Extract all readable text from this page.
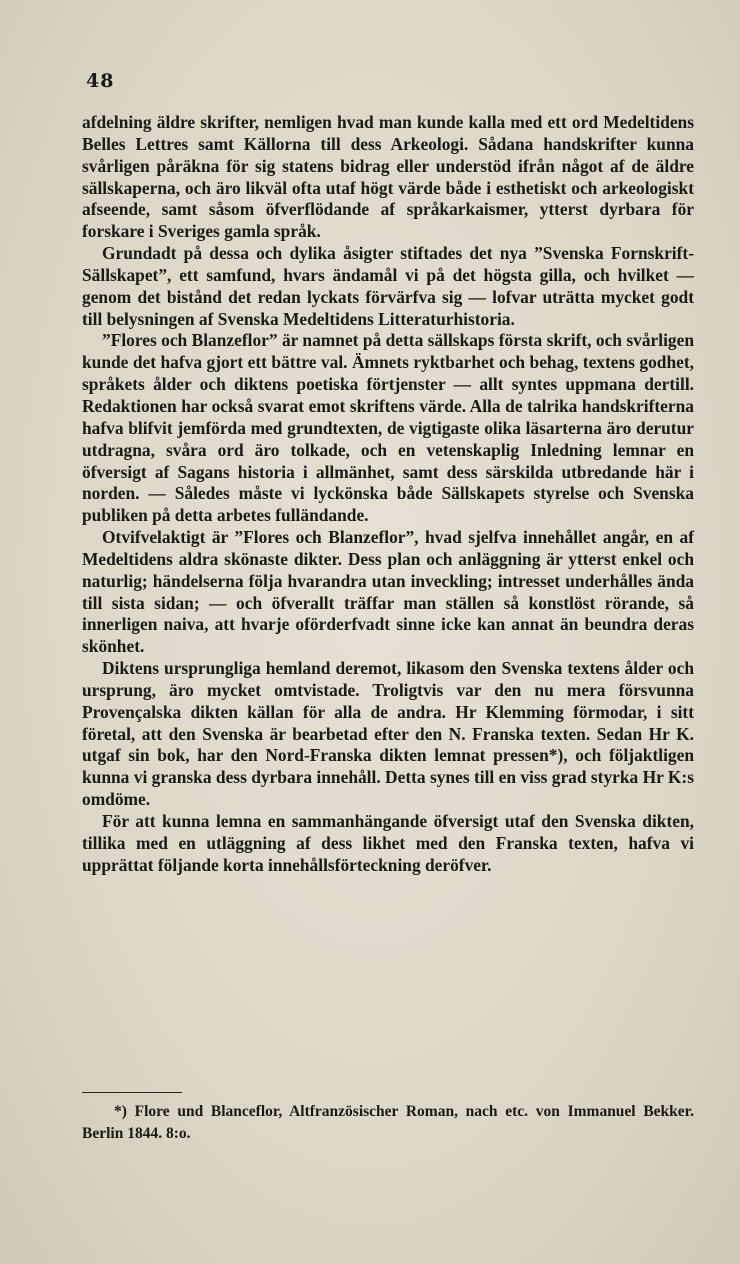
48

afdelning äldre skrifter, nemligen hvad man kunde kalla med ett ord Medeltidens Belles Lettres samt Källorna till dess Arkeologi. Sådana handskrifter kunna svårligen påräkna för sig statens bidrag eller understöd ifrån något af de äldre sällskaperna, och äro likväl ofta utaf högt värde både i esthetiskt och arkeologiskt afseende, samt såsom öfverflödande af språkarkaismer, ytterst dyrbara för forskare i Sveriges gamla språk.

Grundadt på dessa och dylika åsigter stiftades det nya ”Svenska Fornskrift-Sällskapet”, ett samfund, hvars ändamål vi på det högsta gilla, och hvilket — genom det bistånd det redan lyckats förvärfva sig — lofvar uträtta mycket godt till belysningen af Svenska Medeltidens Litteraturhistoria.

”Flores och Blanzeflor” är namnet på detta sällskaps första skrift, och svårligen kunde det hafva gjort ett bättre val. Ämnets ryktbarhet och behag, textens godhet, språkets ålder och diktens poetiska förtjenster — allt syntes uppmana dertill. Redaktionen har också svarat emot skriftens värde. Alla de talrika handskrifterna hafva blifvit jemförda med grundtexten, de vigtigaste olika läsarterna äro derutur utdragna, svåra ord äro tolkade, och en vetenskaplig Inledning lemnar en öfversigt af Sagans historia i allmänhet, samt dess särskilda utbredande här i norden. — Således måste vi lyckönska både Sällskapets styrelse och Svenska publiken på detta arbetes fulländande.

Otvifvelaktigt är ”Flores och Blanzeflor”, hvad sjelfva innehållet angår, en af Medeltidens aldra skönaste dikter. Dess plan och anläggning är ytterst enkel och naturlig; händelserna följa hvarandra utan inveckling; intresset underhålles ända till sista sidan; — och öfverallt träffar man ställen så konstlöst rörande, så innerligen naiva, att hvarje oförderfvadt sinne icke kan annat än beundra deras skönhet.

Diktens ursprungliga hemland deremot, likasom den Svenska textens ålder och ursprung, äro mycket omtvistade. Troligtvis var den nu mera försvunna Provençalska dikten källan för alla de andra. Hr Klemming förmodar, i sitt företal, att den Svenska är bearbetad efter den N. Franska texten. Sedan Hr K. utgaf sin bok, har den Nord-Franska dikten lemnat pressen*), och följaktligen kunna vi granska dess dyrbara innehåll. Detta synes till en viss grad styrka Hr K:s omdöme.

För att kunna lemna en sammanhängande öfversigt utaf den Svenska dikten, tillika med en utläggning af dess likhet med den Franska texten, hafva vi upprättat följande korta innehållsförteckning deröfver.

*) Flore und Blanceflor, Altfranzösischer Roman, nach etc. von Immanuel Bekker. Berlin 1844. 8:o.
